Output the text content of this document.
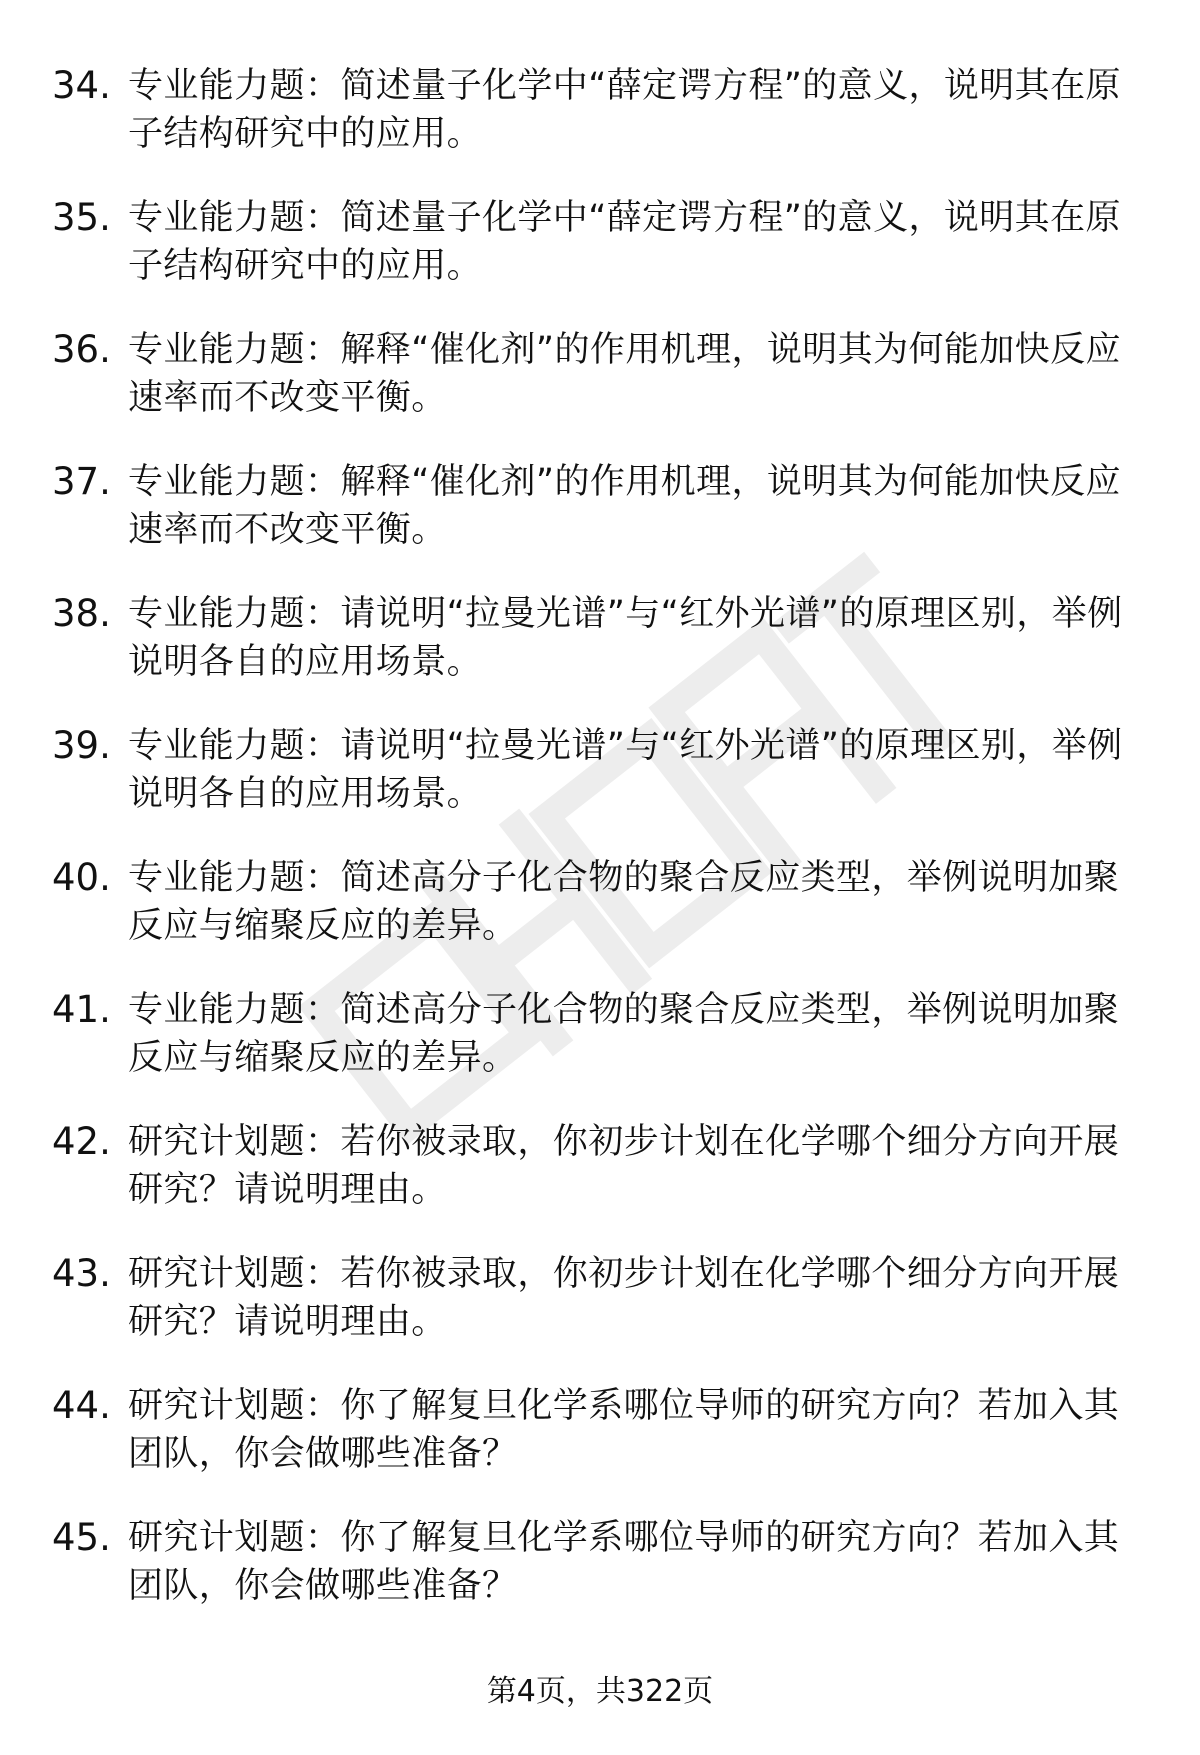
34. 专业能力题：简述量子化学中“薛定谔方程”的意义，说明其在原子结构研究中的应用。
35. 专业能力题：简述量子化学中“薛定谔方程”的意义，说明其在原子结构研究中的应用。
36. 专业能力题：解释“催化剂”的作用机理，说明其为何能加快反应速率而不改变平衡。
37. 专业能力题：解释“催化剂”的作用机理，说明其为何能加快反应速率而不改变平衡。
38. 专业能力题：请说明“拉曼光谱”与“红外光谱”的原理区别，举例说明各自的应用场景。
39. 专业能力题：请说明“拉曼光谱”与“红外光谱”的原理区别，举例说明各自的应用场景。
40. 专业能力题：简述高分子化合物的聚合反应类型，举例说明加聚反应与缩聚反应的差异。
41. 专业能力题：简述高分子化合物的聚合反应类型，举例说明加聚反应与缩聚反应的差异。
42. 研究计划题：若你被录取，你初步计划在化学哪个细分方向开展研究？请说明理由。
43. 研究计划题：若你被录取，你初步计划在化学哪个细分方向开展研究？请说明理由。
44. 研究计划题：你了解复旦化学系哪位导师的研究方向？若加入其团队，你会做哪些准备？
45. 研究计划题：你了解复旦化学系哪位导师的研究方向？若加入其团队，你会做哪些准备？
第4页，共322页
